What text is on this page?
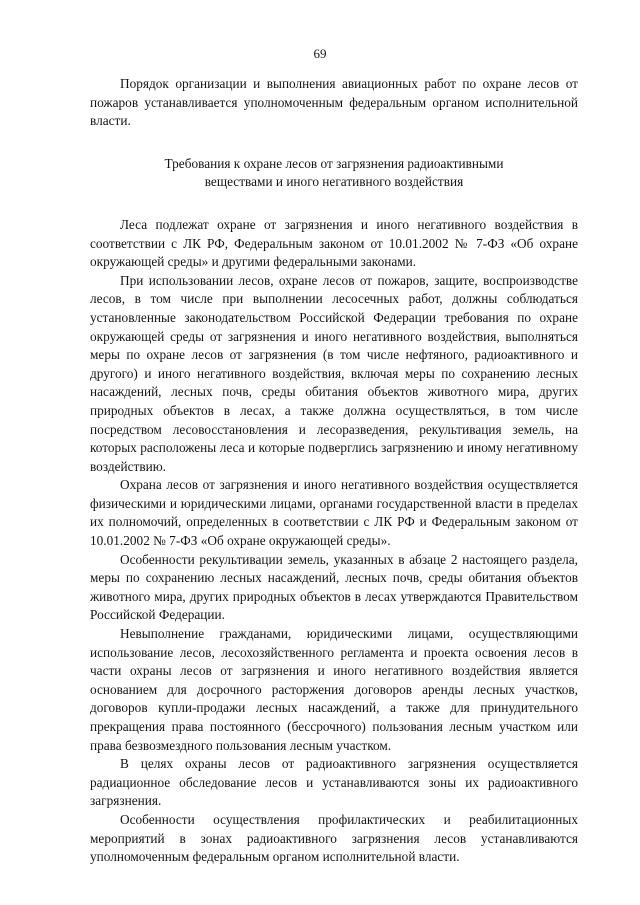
69

Порядок организации и выполнения авиационных работ по охране лесов от пожаров устанавливается уполномоченным федеральным органом исполнительной власти.

Требования к охране лесов от загрязнения радиоактивными
веществами и иного негативного воздействия

Леса подлежат охране от загрязнения и иного негативного воздействия в соответствии с ЛК РФ, Федеральным законом от 10.01.2002 № 7-ФЗ «Об охране окружающей среды» и другими федеральными законами.

При использовании лесов, охране лесов от пожаров, защите, воспроизводстве лесов, в том числе при выполнении лесосечных работ, должны соблюдаться установленные законодательством Российской Федерации требования по охране окружающей среды от загрязнения и иного негативного воздействия, выполняться меры по охране лесов от загрязнения (в том числе нефтяного, радиоактивного и другого) и иного негативного воздействия, включая меры по сохранению лесных насаждений, лесных почв, среды обитания объектов животного мира, других природных объектов в лесах, а также должна осуществляться, в том числе посредством лесовосстановления и лесоразведения, рекультивация земель, на которых расположены леса и которые подверглись загрязнению и иному негативному воздействию.

Охрана лесов от загрязнения и иного негативного воздействия осуществляется физическими и юридическими лицами, органами государственной власти в пределах их полномочий, определенных в соответствии с ЛК РФ и Федеральным законом от 10.01.2002 № 7-ФЗ «Об охране окружающей среды».

Особенности рекультивации земель, указанных в абзаце 2 настоящего раздела, меры по сохранению лесных насаждений, лесных почв, среды обитания объектов животного мира, других природных объектов в лесах утверждаются Правительством Российской Федерации.

Невыполнение гражданами, юридическими лицами, осуществляющими использование лесов, лесохозяйственного регламента и проекта освоения лесов в части охраны лесов от загрязнения и иного негативного воздействия является основанием для досрочного расторжения договоров аренды лесных участков, договоров купли-продажи лесных насаждений, а также для принудительного прекращения права постоянного (бессрочного) пользования лесным участком или права безвозмездного пользования лесным участком.

В целях охраны лесов от радиоактивного загрязнения осуществляется радиационное обследование лесов и устанавливаются зоны их радиоактивного загрязнения.

Особенности осуществления профилактических и реабилитационных мероприятий в зонах радиоактивного загрязнения лесов устанавливаются уполномоченным федеральным органом исполнительной власти.
